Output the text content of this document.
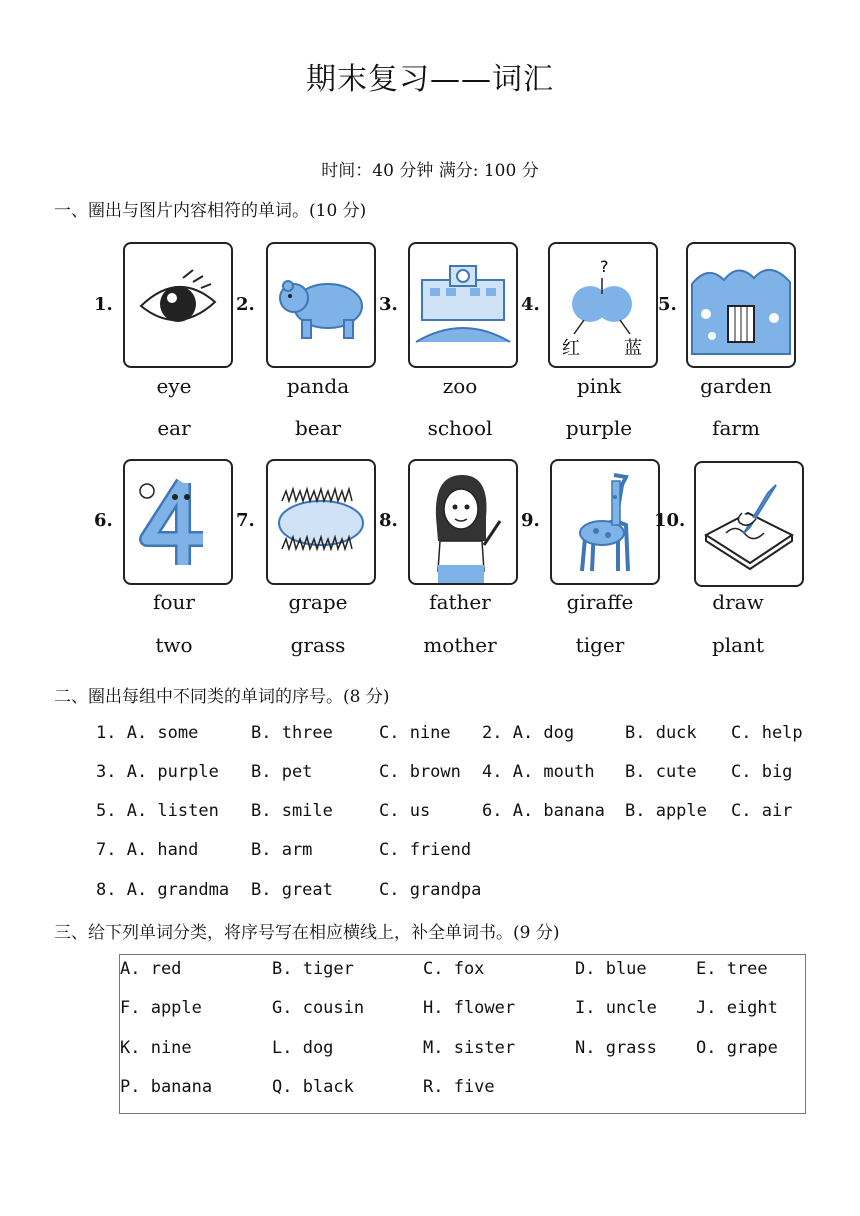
期末复习——词汇
时间：40 分钟 满分: 100 分
一、圈出与图片内容相符的单词。(10 分)
1.	2.	3.	4.
?
红 蓝
5.
eye
ear
panda
bear
zoo
school
pink
purple
garden
farm
6.	7.	8.	9.	10.
four
two
grape
grass
father
mother
giraffe
tiger
draw
plant
二、圈出每组中不同类的单词的序号。(8 分)
1. A. some	B. three	C. nine 2. A. dog	B. duck C. help
3. A. purple B. pet	C. brown 4. A. mouth B. cute C. big
5. A. listen B. smile	C. us	6. A. banana B. apple C. air
7. A. hand	B. arm	C. friend
8. A. grandma B. great	C. grandpa
三、给下列单词分类，将序号写在相应横线上，补全单词书。(9 分)
A. red	B. tiger	C. fox	D. blue	E. tree
F. apple	G. cousin	H. flower	I. uncle J. eight
K. nine	L. dog	M. sister	N. grass O. grape
P. banana	Q. black	R. five
